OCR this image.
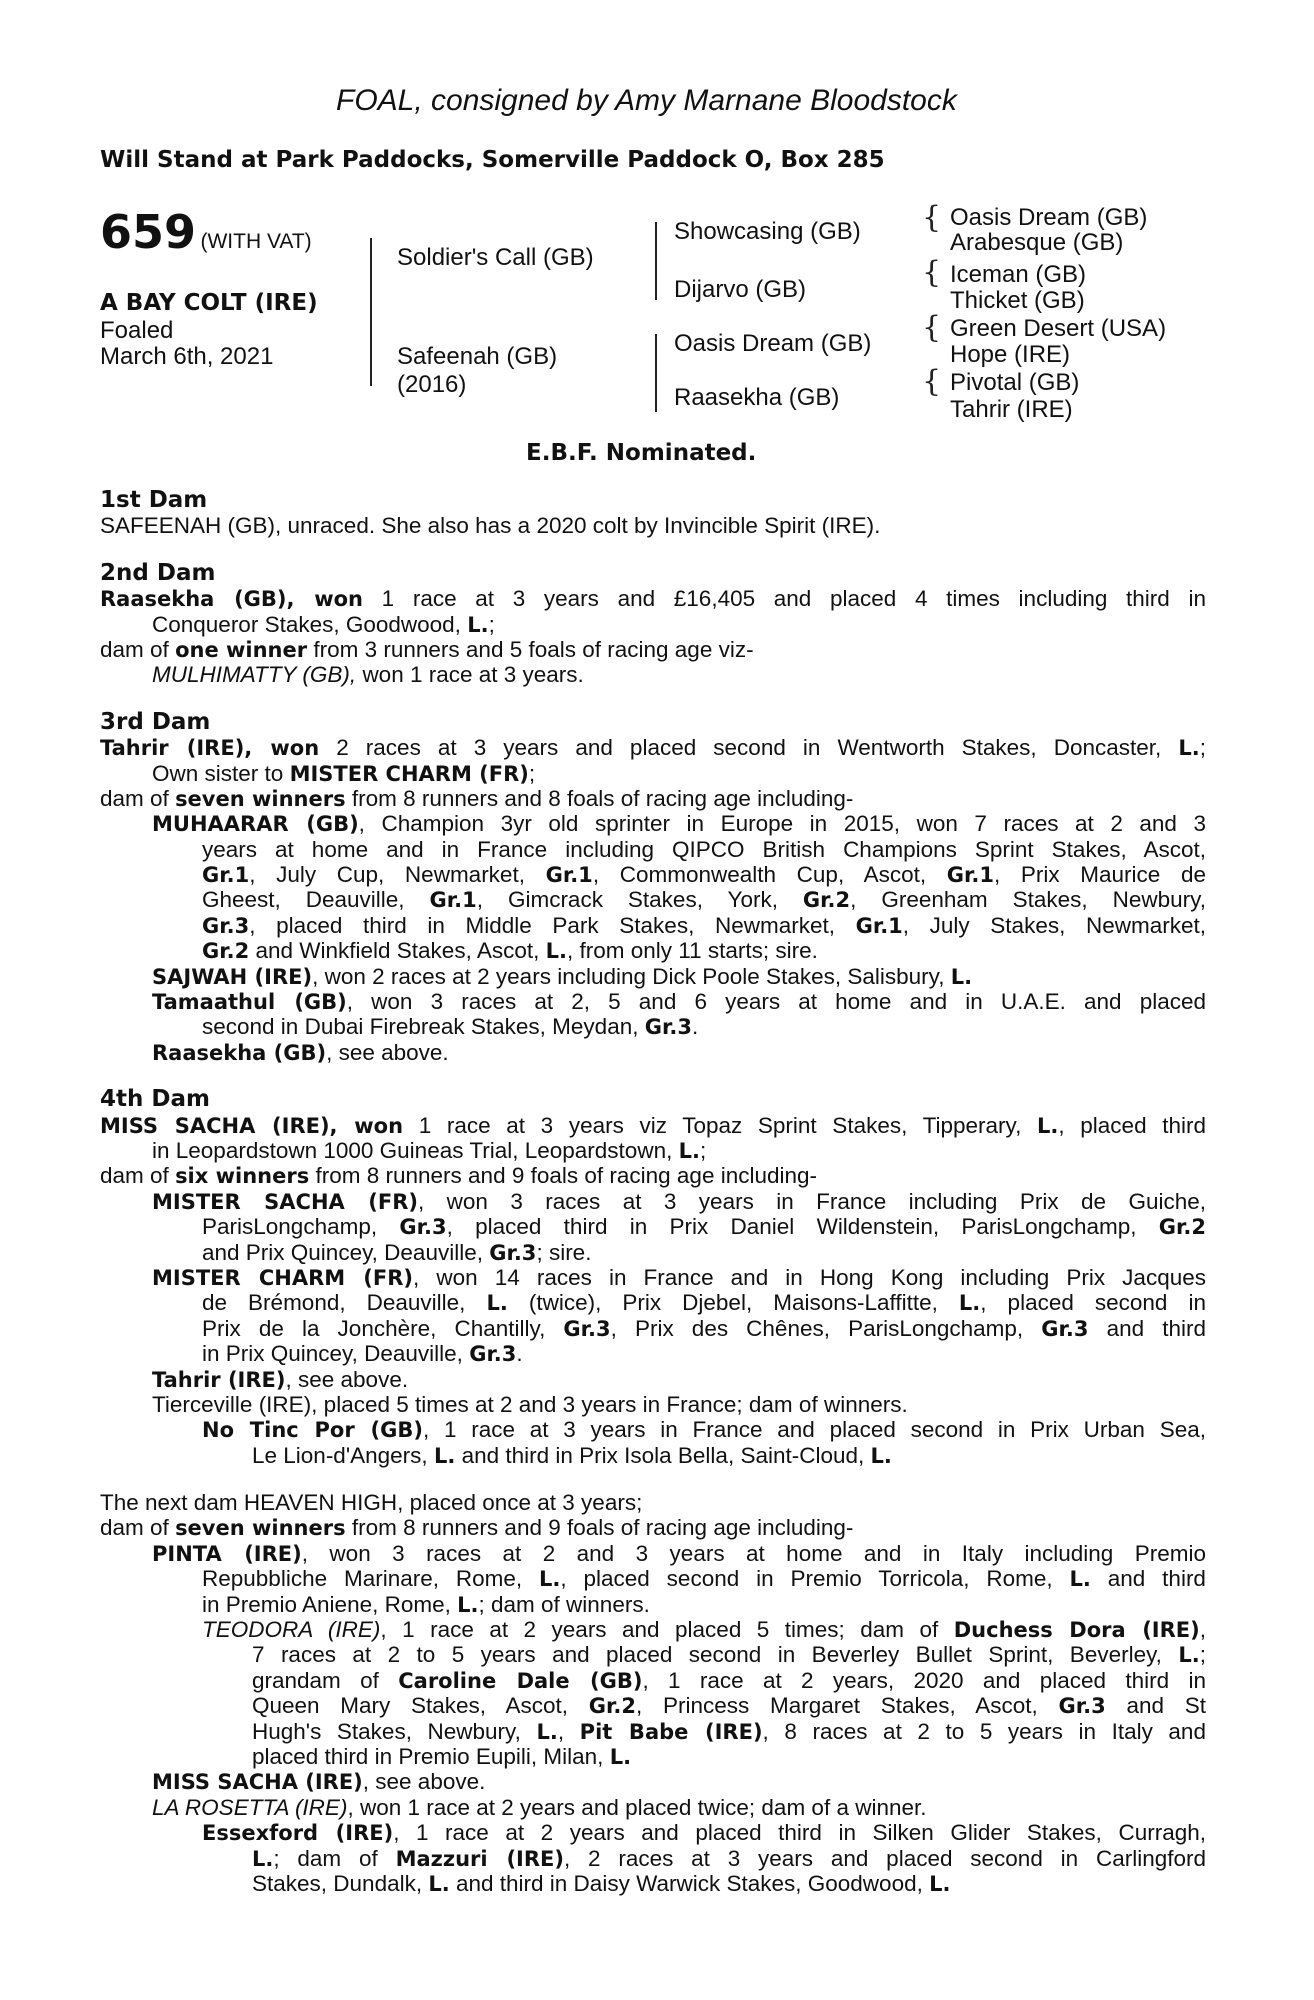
FOAL, consigned by Amy Marnane Bloodstock
Will Stand at Park Paddocks, Somerville Paddock O, Box 285
659 (WITH VAT)
A BAY COLT (IRE)
Foaled
March 6th, 2021
Soldier's Call (GB)
Safeenah (GB)
(2016)
Showcasing (GB)
Dijarvo (GB)
Oasis Dream (GB)
Raasekha (GB)
{ Oasis Dream (GB)
Arabesque (GB)
{ Iceman (GB)
Thicket (GB)
{ Green Desert (USA)
Hope (IRE)
{ Pivotal (GB)
Tahrir (IRE)
E.B.F. Nominated.
1st Dam
SAFEENAH (GB), unraced. She also has a 2020 colt by Invincible Spirit (IRE).
2nd Dam
Raasekha (GB), won 1 race at 3 years and £16,405 and placed 4 times including third in
Conqueror Stakes, Goodwood, L.;
dam of one winner from 3 runners and 5 foals of racing age viz-
MULHIMATTY (GB), won 1 race at 3 years.
3rd Dam
Tahrir (IRE), won 2 races at 3 years and placed second in Wentworth Stakes, Doncaster, L.;
Own sister to MISTER CHARM (FR);
dam of seven winners from 8 runners and 8 foals of racing age including-
MUHAARAR (GB), Champion 3yr old sprinter in Europe in 2015, won 7 races at 2 and 3
years at home and in France including QIPCO British Champions Sprint Stakes, Ascot,
Gr.1, July Cup, Newmarket, Gr.1, Commonwealth Cup, Ascot, Gr.1, Prix Maurice de
Gheest, Deauville, Gr.1, Gimcrack Stakes, York, Gr.2, Greenham Stakes, Newbury,
Gr.3, placed third in Middle Park Stakes, Newmarket, Gr.1, July Stakes, Newmarket,
Gr.2 and Winkfield Stakes, Ascot, L., from only 11 starts; sire.
SAJWAH (IRE), won 2 races at 2 years including Dick Poole Stakes, Salisbury, L.
Tamaathul (GB), won 3 races at 2, 5 and 6 years at home and in U.A.E. and placed
second in Dubai Firebreak Stakes, Meydan, Gr.3.
Raasekha (GB), see above.
4th Dam
MISS SACHA (IRE), won 1 race at 3 years viz Topaz Sprint Stakes, Tipperary, L., placed third
in Leopardstown 1000 Guineas Trial, Leopardstown, L.;
dam of six winners from 8 runners and 9 foals of racing age including-
MISTER SACHA (FR), won 3 races at 3 years in France including Prix de Guiche,
ParisLongchamp, Gr.3, placed third in Prix Daniel Wildenstein, ParisLongchamp, Gr.2
and Prix Quincey, Deauville, Gr.3; sire.
MISTER CHARM (FR), won 14 races in France and in Hong Kong including Prix Jacques
de Brémond, Deauville, L. (twice), Prix Djebel, Maisons-Laffitte, L., placed second in
Prix de la Jonchère, Chantilly, Gr.3, Prix des Chênes, ParisLongchamp, Gr.3 and third
in Prix Quincey, Deauville, Gr.3.
Tahrir (IRE), see above.
Tierceville (IRE), placed 5 times at 2 and 3 years in France; dam of winners.
No Tinc Por (GB), 1 race at 3 years in France and placed second in Prix Urban Sea,
Le Lion-d'Angers, L. and third in Prix Isola Bella, Saint-Cloud, L.
The next dam HEAVEN HIGH, placed once at 3 years;
dam of seven winners from 8 runners and 9 foals of racing age including-
PINTA (IRE), won 3 races at 2 and 3 years at home and in Italy including Premio
Repubbliche Marinare, Rome, L., placed second in Premio Torricola, Rome, L. and third
in Premio Aniene, Rome, L.; dam of winners.
TEODORA (IRE), 1 race at 2 years and placed 5 times; dam of Duchess Dora (IRE),
7 races at 2 to 5 years and placed second in Beverley Bullet Sprint, Beverley, L.;
grandam of Caroline Dale (GB), 1 race at 2 years, 2020 and placed third in
Queen Mary Stakes, Ascot, Gr.2, Princess Margaret Stakes, Ascot, Gr.3 and St
Hugh's Stakes, Newbury, L., Pit Babe (IRE), 8 races at 2 to 5 years in Italy and
placed third in Premio Eupili, Milan, L.
MISS SACHA (IRE), see above.
LA ROSETTA (IRE), won 1 race at 2 years and placed twice; dam of a winner.
Essexford (IRE), 1 race at 2 years and placed third in Silken Glider Stakes, Curragh,
L.; dam of Mazzuri (IRE), 2 races at 3 years and placed second in Carlingford
Stakes, Dundalk, L. and third in Daisy Warwick Stakes, Goodwood, L.
